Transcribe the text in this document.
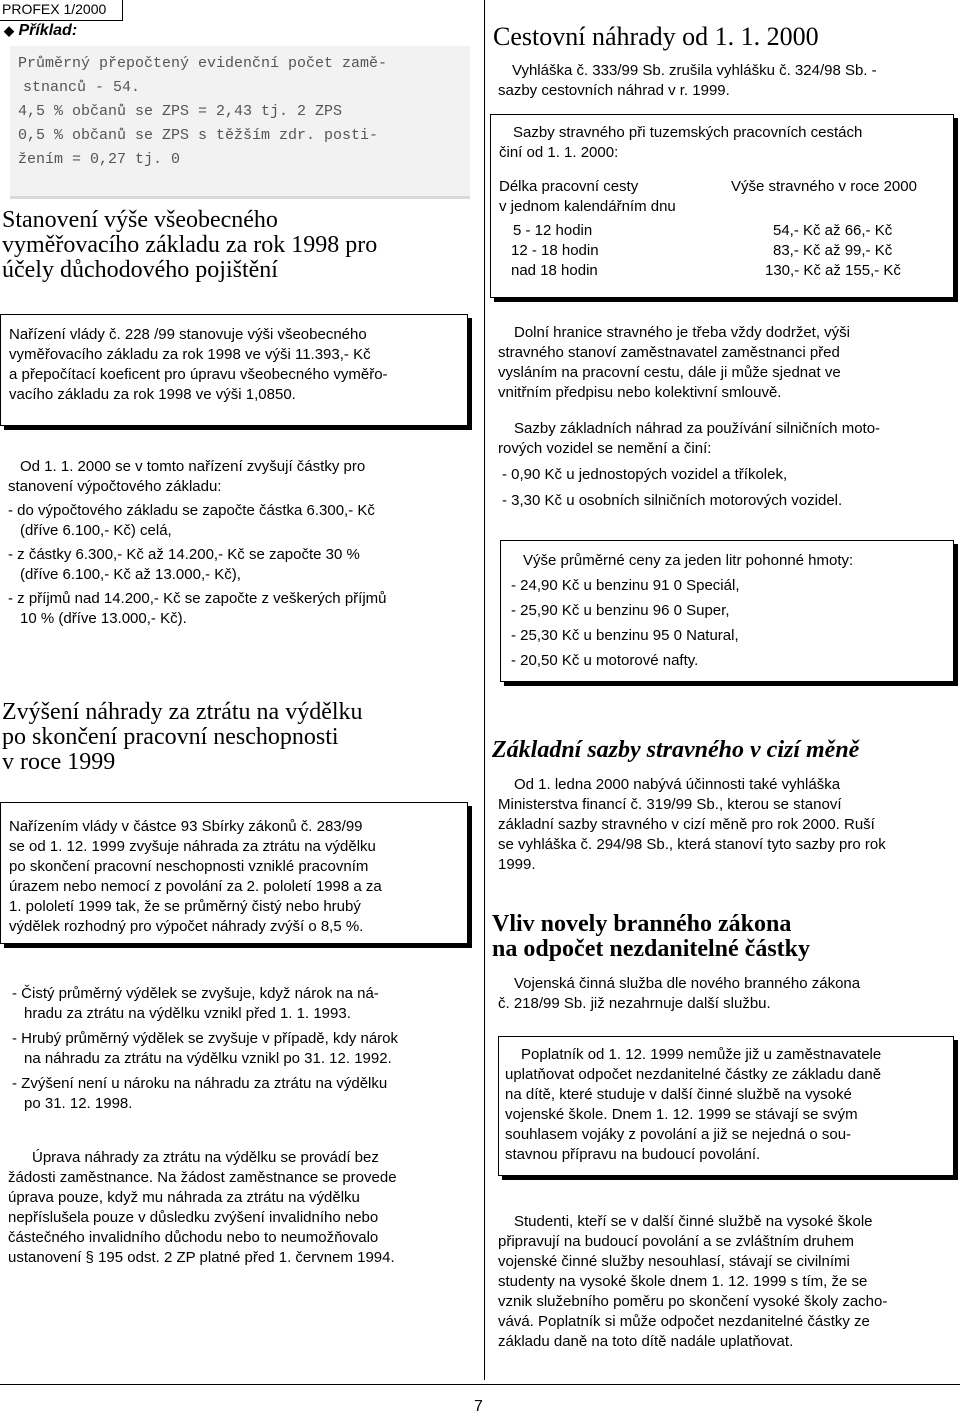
PROFEX 1/2000
◆ Příklad:
Průměrný přepočtený evidenční počet zamě-
stnanců - 54.
4,5 % občanů se ZPS = 2,43 tj. 2 ZPS
0,5 % občanů se ZPS s těžším zdr. posti-
žením = 0,27 tj. 0
Stanovení výše všeobecného
vyměřovacího základu za rok 1998 pro
účely důchodového pojištění
Nařízení vlády č. 228 /99 stanovuje výši všeobecného
vyměřovacího základu za rok 1998 ve výši 11.393,- Kč
a přepočítací koeficent pro úpravu všeobecného vyměřo-
vacího základu za rok 1998 ve výši 1,0850.
Od 1. 1. 2000 se v tomto nařízení zvyšují částky pro
stanovení výpočtového základu:
- do výpočtového základu se započte částka 6.300,- Kč
(dříve 6.100,- Kč) celá,
- z částky 6.300,- Kč až 14.200,- Kč se započte 30 %
(dříve 6.100,- Kč až 13.000,- Kč),
- z příjmů nad 14.200,- Kč se započte z veškerých příjmů
10 % (dříve 13.000,- Kč).
Zvýšení náhrady za ztrátu na výdělku
po skončení pracovní neschopnosti
v roce 1999
Nařízením vlády v částce 93 Sbírky zákonů č. 283/99
se od 1. 12. 1999 zvyšuje náhrada za ztrátu na výdělku
po skončení pracovní neschopnosti vzniklé pracovním
úrazem nebo nemocí z povolání za 2. pololetí 1998 a za
1. pololetí 1999 tak, že se průměrný čistý nebo hrubý
výdělek rozhodný pro výpočet náhrady zvýší o 8,5 %.
- Čistý průměrný výdělek se zvyšuje, když nárok na ná-
hradu za ztrátu na výdělku vznikl před 1. 1. 1993.
- Hrubý průměrný výdělek se zvyšuje v případě, kdy nárok
na náhradu za ztrátu na výdělku vznikl po 31. 12. 1992.
- Zvýšení není u nároku na náhradu za ztrátu na výdělku
po 31. 12. 1998.
Úprava náhrady za ztrátu na výdělku se provádí bez
žádosti zaměstnance. Na žádost zaměstnance se provede
úprava pouze, když mu náhrada za ztrátu na výdělku
nepříslušela pouze v důsledku zvýšení invalidního nebo
částečného invalidního důchodu nebo to neumožňovalo
ustanovení § 195 odst. 2 ZP platné před 1. červnem 1994.
Cestovní náhrady od 1. 1. 2000
Vyhláška č. 333/99 Sb. zrušila vyhlášku č. 324/98 Sb. -
sazby cestovních náhrad v r. 1999.
Sazby stravného při tuzemských pracovních cestách
činí od 1. 1. 2000:
Délka pracovní cesty
v jednom kalendářním dnu
Výše stravného v roce 2000
5 - 12 hodin	54,- Kč až 66,- Kč
12 - 18 hodin	83,- Kč až 99,- Kč
nad 18 hodin	130,- Kč až 155,- Kč
Dolní hranice stravného je třeba vždy dodržet, výši
stravného stanoví zaměstnavatel zaměstnanci před
vysláním na pracovní cestu, dále ji může sjednat ve
vnitřním předpisu nebo kolektivní smlouvě.
Sazby základních náhrad za používání silničních moto-
rových vozidel se nemění a činí:
- 0,90 Kč u jednostopých vozidel a tříkolek,
- 3,30 Kč u osobních silničních motorových vozidel.
Výše průměrné ceny za jeden litr pohonné hmoty:
- 24,90 Kč u benzinu 91 0 Speciál,
- 25,90 Kč u benzinu 96 0 Super,
- 25,30 Kč u benzinu 95 0 Natural,
- 20,50 Kč u motorové nafty.
Základní sazby stravného v cizí měně
Od 1. ledna 2000 nabývá účinnosti také vyhláška
Ministerstva financí č. 319/99 Sb., kterou se stanoví
základní sazby stravného v cizí měně pro rok 2000. Ruší
se vyhláška č. 294/98 Sb., která stanoví tyto sazby pro rok
1999.
Vliv novely branného zákona
na odpočet nezdanitelné částky
Vojenská činná služba dle nového branného zákona
č. 218/99 Sb. již nezahrnuje další službu.
Poplatník od 1. 12. 1999 nemůže již u zaměstnavatele
uplatňovat odpočet nezdanitelné částky ze základu daně
na dítě, které studuje v další činné službě na vysoké
vojenské škole. Dnem 1. 12. 1999 se stávají se svým
souhlasem vojáky z povolání a již se nejedná o sou-
stavnou přípravu na budoucí povolání.
Studenti, kteří se v další činné službě na vysoké škole
připravují na budoucí povolání a se zvláštním druhem
vojenské činné služby nesouhlasí, stávají se civilními
studenty na vysoké škole dnem 1. 12. 1999 s tím, že se
vznik služebního poměru po skončení vysoké školy zacho-
vává. Poplatník si může odpočet nezdanitelné částky ze
základu daně na toto dítě nadále uplatňovat.
7
